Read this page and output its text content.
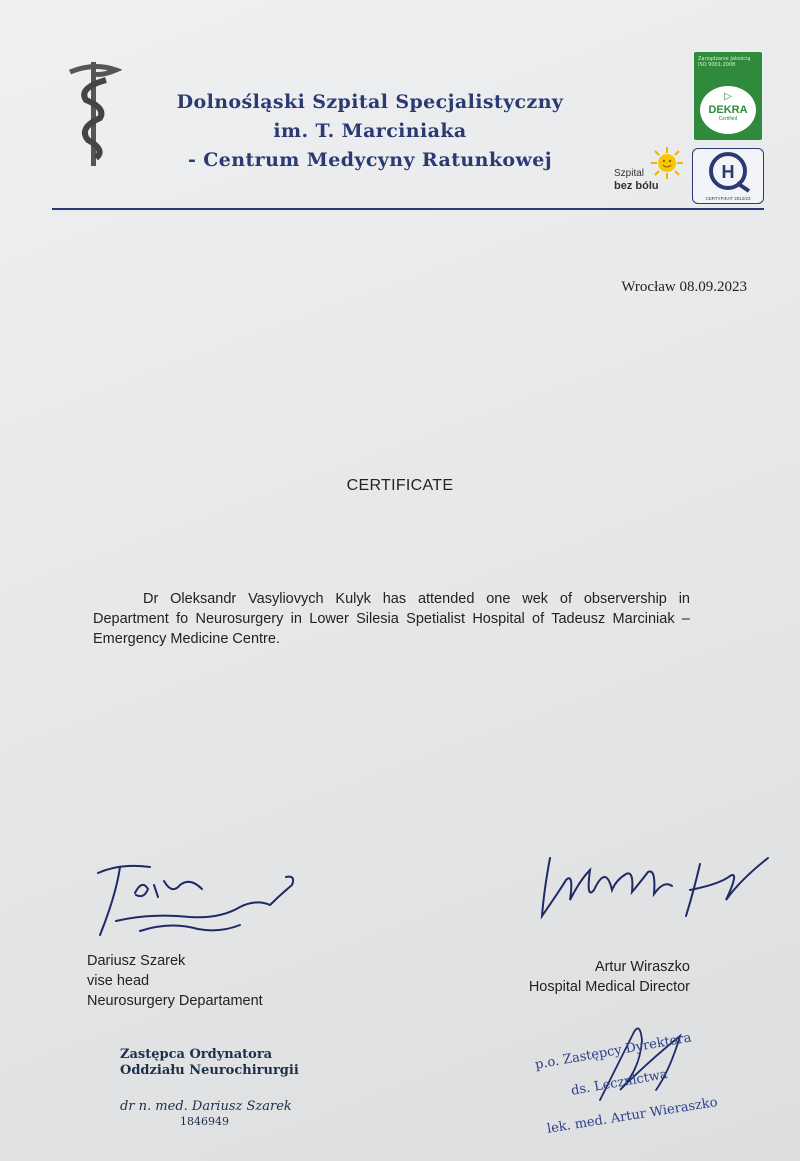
Dolnośląski Szpital Specjalistyczny
im. T. Marciniaka
- Centrum Medycyny Ratunkowej
Zarządzanie Jakością ISO 9001:2008
▷
DEKRA
Certified
Szpital
bez bólu
H
CERTYFIKAT 2012/23
Wrocław 08.09.2023
CERTIFICATE
Dr Oleksandr Vasyliovych Kulyk has attended one wek of observership in Department fo Neurosurgery in Lower Silesia Spetialist Hospital of Tadeusz Marciniak – Emergency Medicine Centre.
Dariusz Szarek
vise head
Neurosurgery Departament
Artur Wiraszko
Hospital Medical Director
Zastępca Ordynatora
Oddziału Neurochirurgii
dr n. med. Dariusz Szarek
1846949
p.o. Zastępcy Dyrektora
ds. Lecznictwa
lek. med. Artur Wieraszko
